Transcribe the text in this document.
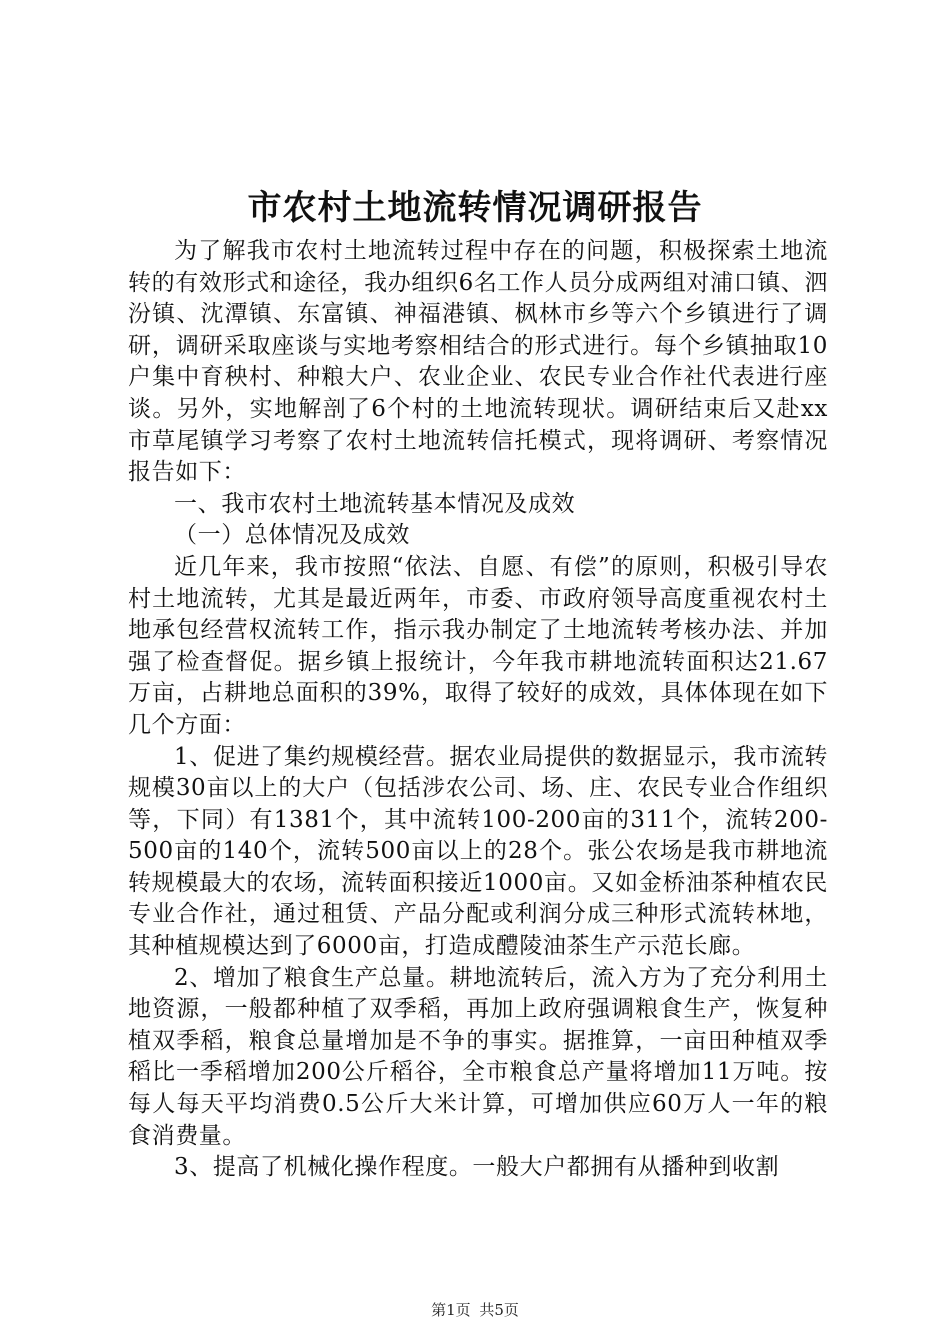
市农村土地流转情况调研报告

为了解我市农村土地流转过程中存在的问题，积极探索土地流转的有效形式和途径，我办组织6名工作人员分成两组对浦口镇、泗汾镇、沈潭镇、东富镇、神福港镇、枫林市乡等六个乡镇进行了调研，调研采取座谈与实地考察相结合的形式进行。每个乡镇抽取10户集中育秧村、种粮大户、农业企业、农民专业合作社代表进行座谈。另外，实地解剖了6个村的土地流转现状。调研结束后又赴xx市草尾镇学习考察了农村土地流转信托模式，现将调研、考察情况报告如下：

一、我市农村土地流转基本情况及成效

（一）总体情况及成效

近几年来，我市按照“依法、自愿、有偿”的原则，积极引导农村土地流转，尤其是最近两年，市委、市政府领导高度重视农村土地承包经营权流转工作，指示我办制定了土地流转考核办法、并加强了检查督促。据乡镇上报统计，今年我市耕地流转面积达21.67万亩，占耕地总面积的39%，取得了较好的成效，具体体现在如下几个方面：

1、促进了集约规模经营。据农业局提供的数据显示，我市流转规模30亩以上的大户（包括涉农公司、场、庄、农民专业合作组织等，下同）有1381个，其中流转100-200亩的311个，流转200-500亩的140个，流转500亩以上的28个。张公农场是我市耕地流转规模最大的农场，流转面积接近1000亩。又如金桥油茶种植农民专业合作社，通过租赁、产品分配或利润分成三种形式流转林地，其种植规模达到了6000亩，打造成醴陵油茶生产示范长廊。

2、增加了粮食生产总量。耕地流转后，流入方为了充分利用土地资源，一般都种植了双季稻，再加上政府强调粮食生产，恢复种植双季稻，粮食总量增加是不争的事实。据推算，一亩田种植双季稻比一季稻增加200公斤稻谷，全市粮食总产量将增加11万吨。按每人每天平均消费0.5公斤大米计算，可增加供应60万人一年的粮食消费量。

3、提高了机械化操作程度。一般大户都拥有从播种到收割

第1页 共5页
